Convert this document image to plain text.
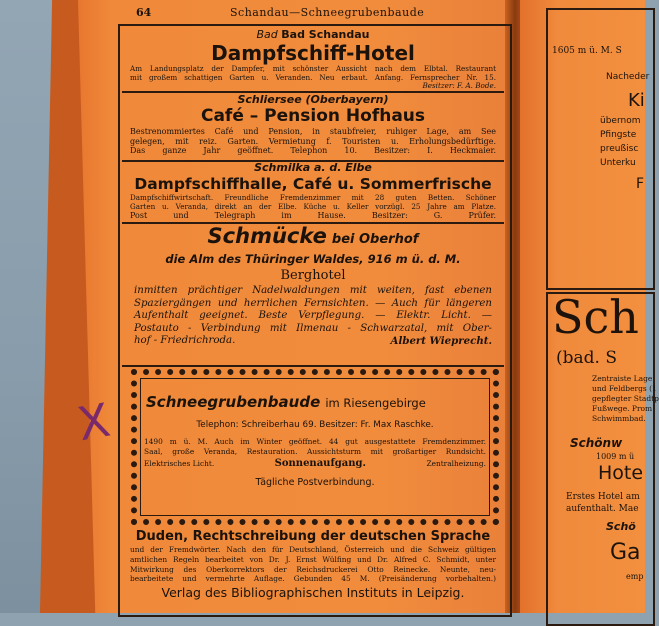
64	Schandau—Schneegrubenbaude
Bad Bad Schandau
Dampfschiff-Hotel
Am Landungsplatz der Dampfer, mit schönster Aussicht nach dem Elbtal. Restaurant
mit großem schattigen Garten u. Veranden. Neu erbaut. Anfang. Fernsprecher Nr. 15.
Besitzer: F. A. Bode.
Schliersee (Oberbayern)
Café – Pension Hofhaus
Bestrenommiertes Café und Pension, in staubfreier, ruhiger Lage, am See
gelegen, mit reiz. Garten. Vermietung f. Touristen u. Erholungsbedürftige.
Das ganze Jahr geöffnet. Telephon 10. Besitzer: I. Heckmaier.
Schmilka a. d. Elbe
Dampfschiffhalle, Café u. Sommerfrische
Dampfschiffwirtschaft. Freundliche Fremdenzimmer mit 28 guten Betten. Schöner
Garten u. Veranda, direkt an der Elbe. Küche u. Keller vorzügl. 25 Jahre am Platze.
Post und Telegraph im Hause. Besitzer: G. Prüfer.
Schmücke bei Oberhof
die Alm des Thüringer Waldes, 916 m ü. d. M.
Berghotel
inmitten prächtiger Nadelwaldungen mit weiten, fast ebenen
Spaziergängen und herrlichen Fernsichten. — Auch für längeren
Aufenthalt geeignet. Beste Verpflegung. — Elektr. Licht. —
Postauto - Verbindung mit Ilmenau - Schwarzatal, mit Ober-
hof - Friedrichroda.	Albert Wieprecht.
Schneegrubenbaude im Riesengebirge
Telephon: Schreiberhau 69. Besitzer: Fr. Max Raschke.
1490 m ü. M. Auch im Winter geöffnet. 44 gut ausgestattete Fremdenzimmer.
Saal, große Veranda, Restauration. Aussichtsturm mit großartiger Rundsicht.
Elektrisches Licht.	Sonnenaufgang.	Zentralheizung.
Tägliche Postverbindung.
Duden, Rechtschreibung der deutschen Sprache
und der Fremdwörter. Nach den für Deutschland, Österreich und die Schweiz gültigen
amtlichen Regeln bearbeitet von Dr. J. Ernst Wülfing und Dr. Alfred C. Schmidt, unter
Mitwirkung des Oberkorrektors der Reichsdruckerei Otto Reinecke. Neunte, neu-
bearbeitete und vermehrte Auflage. Gebunden 45 M. (Preisänderung vorbehalten.)
Verlag des Bibliographischen Instituts in Leipzig.
X
1605 m ü. M. S
Nacheder
Ki
übernom
Pfingste
preußisc
Unterku
F
Sch
(bad. S
Zentraiste Lage
und Feldbergs (1
gepflegter Stadtp
Fußwege. Prom
Schwimmbad.
Schönw
1009 m ü
Hote
Erstes Hotel am
aufenthalt. Mae
Schö
Ga
emp
